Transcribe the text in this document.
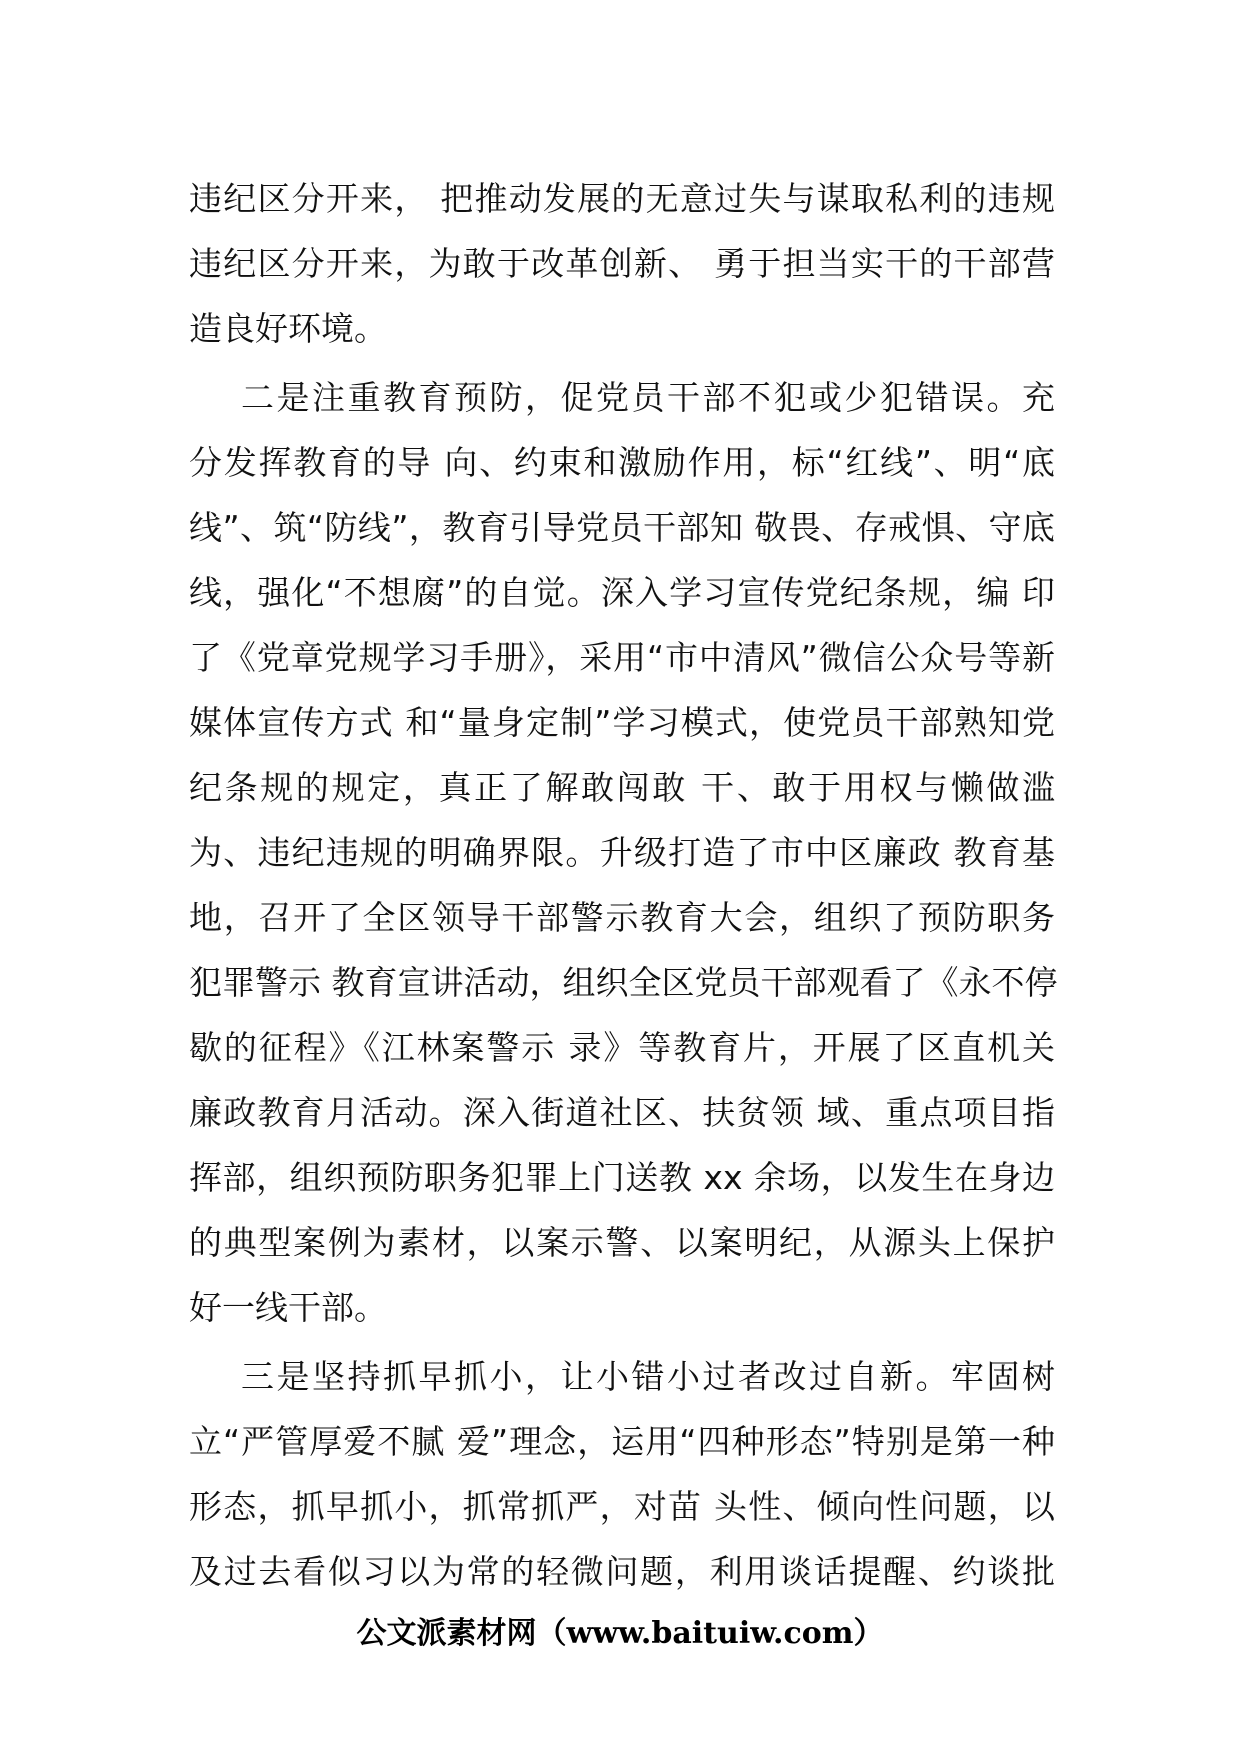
违纪区分开来， 把推动发展的无意过失与谋取私利的违规
违纪区分开来，为敢于改革创新、 勇于担当实干的干部营
造良好环境。
二是注重教育预防，促党员干部不犯或少犯错误。充
分发挥教育的导 向、约束和激励作用，标“红线”、明“底
线”、筑“防线”，教育引导党员干部知 敬畏、存戒惧、守底
线，强化“不想腐”的自觉。深入学习宣传党纪条规，编 印
了《党章党规学习手册》，采用“市中清风”微信公众号等新
媒体宣传方式 和“量身定制”学习模式，使党员干部熟知党
纪条规的规定，真正了解敢闯敢 干、敢于用权与懒做滥
为、违纪违规的明确界限。升级打造了市中区廉政 教育基
地，召开了全区领导干部警示教育大会，组织了预防职务
犯罪警示 教育宣讲活动，组织全区党员干部观看了《永不停
歇的征程》《江林案警示 录》等教育片，开展了区直机关
廉政教育月活动。深入街道社区、扶贫领 域、重点项目指
挥部，组织预防职务犯罪上门送教 xx 余场，以发生在身边
的典型案例为素材，以案示警、以案明纪，从源头上保护
好一线干部。
三是坚持抓早抓小，让小错小过者改过自新。牢固树
立“严管厚爱不腻 爱”理念，运用“四种形态”特别是第一种
形态，抓早抓小，抓常抓严，对苗 头性、倾向性问题，以
及过去看似习以为常的轻微问题，利用谈话提醒、约谈批
公文派素材网（www.baituiw.com）
